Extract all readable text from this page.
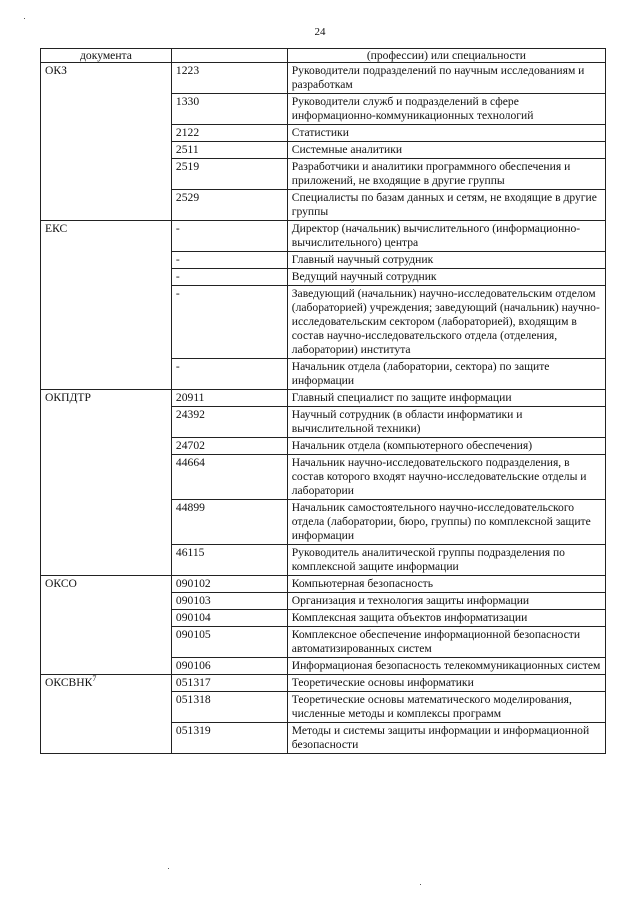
24
документа		(профессии) или специальности
ОКЗ	1223	Руководители подразделений по научным исследованиям и разработкам
	1330	Руководители служб и подразделений в сфере информационно-коммуникационных технологий
	2122	Статистики
	2511	Системные аналитики
	2519	Разработчики и аналитики программного обеспечения и приложений, не входящие в другие группы
	2529	Специалисты по базам данных и сетям, не входящие в другие группы
ЕКС	-	Директор (начальник) вычислительного (информационно-вычислительного) центра
	-	Главный научный сотрудник
	-	Ведущий научный сотрудник
	-	Заведующий (начальник) научно-исследовательским отделом (лабораторией) учреждения; заведующий (начальник) научно-исследовательским сектором (лабораторией), входящим в состав научно-исследовательского отдела (отделения, лаборатории) института
	-	Начальник отдела (лаборатории, сектора) по защите информации
ОКПДТР	20911	Главный специалист по защите информации
	24392	Научный сотрудник (в области информатики и вычислительной техники)
	24702	Начальник отдела (компьютерного обеспечения)
	44664	Начальник научно-исследовательского подразделения, в состав которого входят научно-исследовательские отделы и лаборатории
	44899	Начальник самостоятельного научно-исследовательского отдела (лаборатории, бюро, группы) по комплексной защите информации
	46115	Руководитель аналитической группы подразделения по комплексной защите информации
ОКСО	090102	Компьютерная безопасность
	090103	Организация и технология защиты информации
	090104	Комплексная защита объектов информатизации
	090105	Комплексное обеспечение информационной безопасности автоматизированных систем
	090106	Информационая безопасность телекоммуникационных систем
ОКСВНК$^7$	051317	Теоретические основы информатики
	051318	Теоретические основы математического моделирования, численные методы и комплексы программ
	051319	Методы и системы защиты информации и информационной безопасности
